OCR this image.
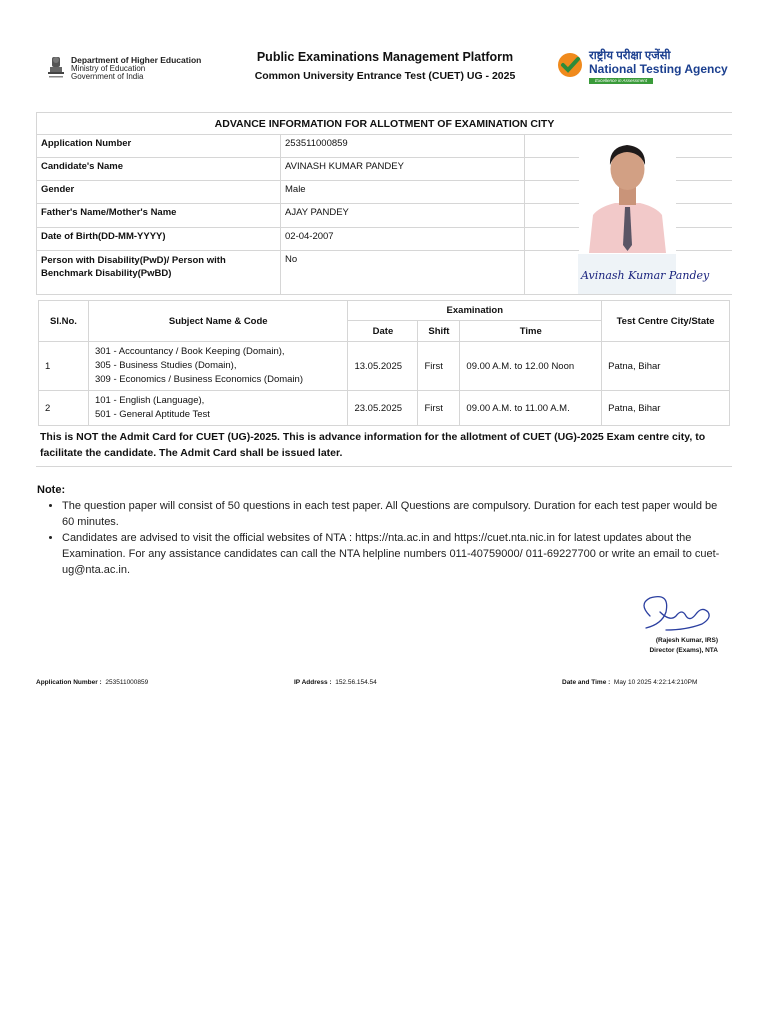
Department of Higher Education
Ministry of Education
Government of India
Public Examinations Management Platform
Common University Entrance Test (CUET) UG - 2025
राष्ट्रीय परीक्षा एजेंसी
National Testing Agency
Excellence in Assessment
ADVANCE INFORMATION FOR ALLOTMENT OF EXAMINATION CITY
Application Number	253511000859
Candidate's Name	AVINASH KUMAR PANDEY
Gender	Male
Father's Name/Mother's Name	AJAY PANDEY
Date of Birth(DD-MM-YYYY)	02-04-2007
Person with Disability(PwD)/ Person with Benchmark Disability(PwBD)
No
Avinash Kumar Pandey
Sl.No.	Subject Name & Code	Examination			Test Centre City/State
		Date	Shift	Time	
1	301 - Accountancy / Book Keeping (Domain),
305 - Business Studies (Domain),
309 - Economics / Business Economics (Domain)	13.05.2025	First	09.00 A.M. to 12.00 Noon	Patna, Bihar
2	101 - English (Language),
501 - General Aptitude Test	23.05.2025	First	09.00 A.M. to 11.00 A.M.	Patna, Bihar
This is NOT the Admit Card for CUET (UG)-2025. This is advance information for the allotment of CUET (UG)-2025 Exam centre city, to facilitate the candidate. The Admit Card shall be issued later.
Note:
• The question paper will consist of 50 questions in each test paper. All Questions are compulsory. Duration for each test paper would be 60 minutes.
• Candidates are advised to visit the official websites of NTA : https://nta.ac.in and https://cuet.nta.nic.in for latest updates about the Examination. For any assistance candidates can call the NTA helpline numbers 011-40759000/ 011-69227700 or write an email to cuet-ug@nta.ac.in.
(Rajesh Kumar, IRS)
Director (Exams), NTA
Application Number : 253511000859	IP Address : 152.56.154.54	Date and Time : May 10 2025 4:22:14:210PM
